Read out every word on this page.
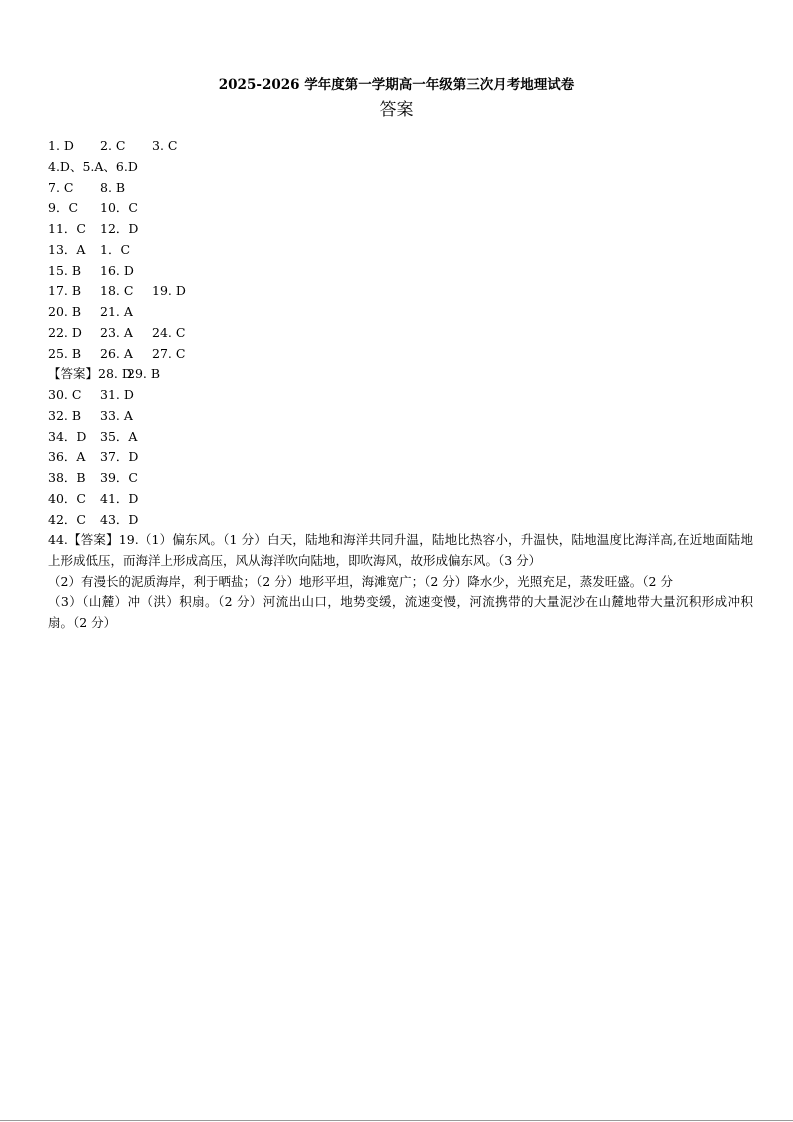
2025-2026 学年度第一学期高一年级第三次月考地理试卷
答案
1. D 2. C 3. C
4.D、5.A、6.D
7. C 8. B
9．C 10．C
11．C 12．D
13．A 1．C
15. B 16. D
17. B 18. C 19. D
20. B 21. A
22. D 23. A 24. C
25. B 26. A 27. C
【答案】28. D29. B
30. C 31. D
32. B 33. A
34．D 35．A
36．A 37．D
38．B 39．C
40．C 41．D
42．C 43．D

44.【答案】19.（1）偏东风。（1 分）白天，陆地和海洋共同升温，陆地比热容小，升温快，陆地温度比海洋高,在近地面陆地上形成低压，而海洋上形成高压，风从海洋吹向陆地，即吹海风，故形成偏东风。（3 分）

（2）有漫长的泥质海岸，利于晒盐；（2 分）地形平坦，海滩宽广；（2 分）降水少，光照充足，蒸发旺盛。（2 分

（3）（山麓）冲（洪）积扇。（2 分）河流出山口，地势变缓，流速变慢，河流携带的大量泥沙在山麓地带大量沉积形成冲积扇。（2 分）
